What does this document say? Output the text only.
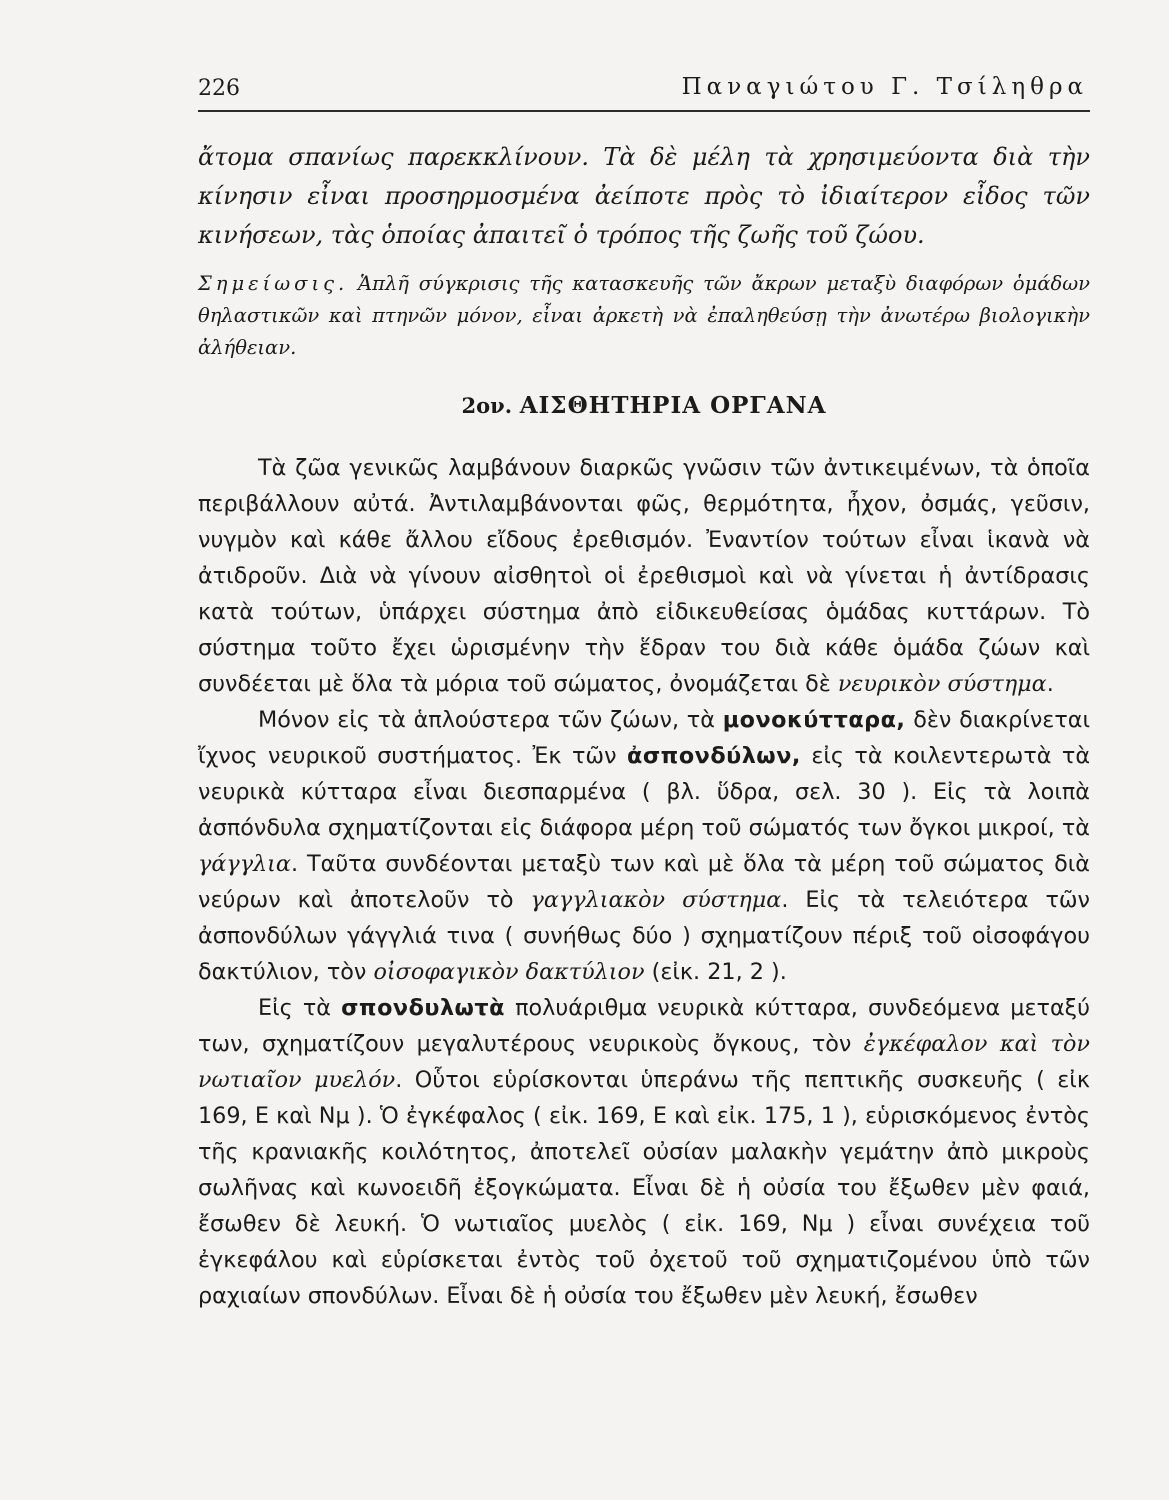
226	Παναγιώτου Γ. Τσίληθρα

ἄτομα σπανίως παρεκκλίνουν. Τὰ δὲ μέλη τὰ χρησιμεύοντα διὰ τὴν κίνησιν εἶναι προσηρμοσμένα ἀείποτε πρὸς τὸ ἰδιαίτερον εἶδος τῶν κινήσεων, τὰς ὁποίας ἀπαιτεῖ ὁ τρόπος τῆς ζωῆς τοῦ ζώου.

Σημείωσις. Ἁπλῆ σύγκρισις τῆς κατασκευῆς τῶν ἄκρων μεταξὺ διαφόρων ὁμάδων θηλαστικῶν καὶ πτηνῶν μόνον, εἶναι ἀρκετὴ νὰ ἐπαληθεύσῃ τὴν ἀνωτέρω βιολογικὴν ἀλήθειαν.

2ον. ΑΙΣΘΗΤΗΡΙΑ ΟΡΓΑΝΑ

Τὰ ζῶα γενικῶς λαμβάνουν διαρκῶς γνῶσιν τῶν ἀντικειμένων, τὰ ὁποῖα περιβάλλουν αὐτά. Ἀντιλαμβάνονται φῶς, θερμότητα, ἦχον, ὀσμάς, γεῦσιν, νυγμὸν καὶ κάθε ἄλλου εἴδους ἐρεθισμόν. Ἐναντίον τούτων εἶναι ἱκανὰ νὰ ἀτιδροῦν. Διὰ νὰ γίνουν αἰσθητοὶ οἱ ἐρεθισμοὶ καὶ νὰ γίνεται ἡ ἀντίδρασις κατὰ τούτων, ὑπάρχει σύστημα ἀπὸ εἰδικευθείσας ὁμάδας κυττάρων. Τὸ σύστημα τοῦτο ἔχει ὡρισμένην τὴν ἕδραν του διὰ κάθε ὁμάδα ζώων καὶ συνδέεται μὲ ὅλα τὰ μόρια τοῦ σώματος, ὀνομάζεται δὲ νευρικὸν σύστημα.

Μόνον εἰς τὰ ἁπλούστερα τῶν ζώων, τὰ μονοκύτταρα, δὲν διακρίνεται ἴχνος νευρικοῦ συστήματος. Ἐκ τῶν ἀσπονδύλων, εἰς τὰ κοιλεντερωτὰ τὰ νευρικὰ κύτταρα εἶναι διεσπαρμένα ( βλ. ὕδρα, σελ. 30 ). Εἰς τὰ λοιπὰ ἀσπόνδυλα σχηματίζονται εἰς διάφορα μέρη τοῦ σώματός των ὄγκοι μικροί, τὰ γάγγλια. Ταῦτα συνδέονται μεταξὺ των καὶ μὲ ὅλα τὰ μέρη τοῦ σώματος διὰ νεύρων καὶ ἀποτελοῦν τὸ γαγγλιακὸν σύστημα. Εἰς τὰ τελειότερα τῶν ἀσπονδύλων γάγγλιά τινα ( συνήθως δύο ) σχηματίζουν πέριξ τοῦ οἰσοφάγου δακτύλιον, τὸν οἰσοφαγικὸν δακτύλιον (εἰκ. 21, 2 ).

Εἰς τὰ σπονδυλωτὰ πολυάριθμα νευρικὰ κύτταρα, συνδεόμενα μεταξύ των, σχηματίζουν μεγαλυτέρους νευρικοὺς ὄγκους, τὸν ἐγκέφαλον καὶ τὸν νωτιαῖον μυελόν. Οὗτοι εὑρίσκονται ὑπεράνω τῆς πεπτικῆς συσκευῆς ( εἰκ 169, Ε καὶ Νμ ). Ὁ ἐγκέφαλος ( εἰκ. 169, Ε καὶ εἰκ. 175, 1 ), εὑρισκόμενος ἐντὸς τῆς κρανιακῆς κοιλότητος, ἀποτελεῖ οὐσίαν μαλακὴν γεμάτην ἀπὸ μικροὺς σωλῆνας καὶ κωνοειδῆ ἐξογκώματα. Εἶναι δὲ ἡ οὐσία του ἔξωθεν μὲν φαιά, ἔσωθεν δὲ λευκή. Ὁ νωτιαῖος μυελὸς ( εἰκ. 169, Νμ ) εἶναι συνέχεια τοῦ ἐγκεφάλου καὶ εὑρίσκεται ἐντὸς τοῦ ὀχετοῦ τοῦ σχηματιζομένου ὑπὸ τῶν ραχιαίων σπονδύλων. Εἶναι δὲ ἡ οὐσία του ἔξωθεν μὲν λευκή, ἔσωθεν
